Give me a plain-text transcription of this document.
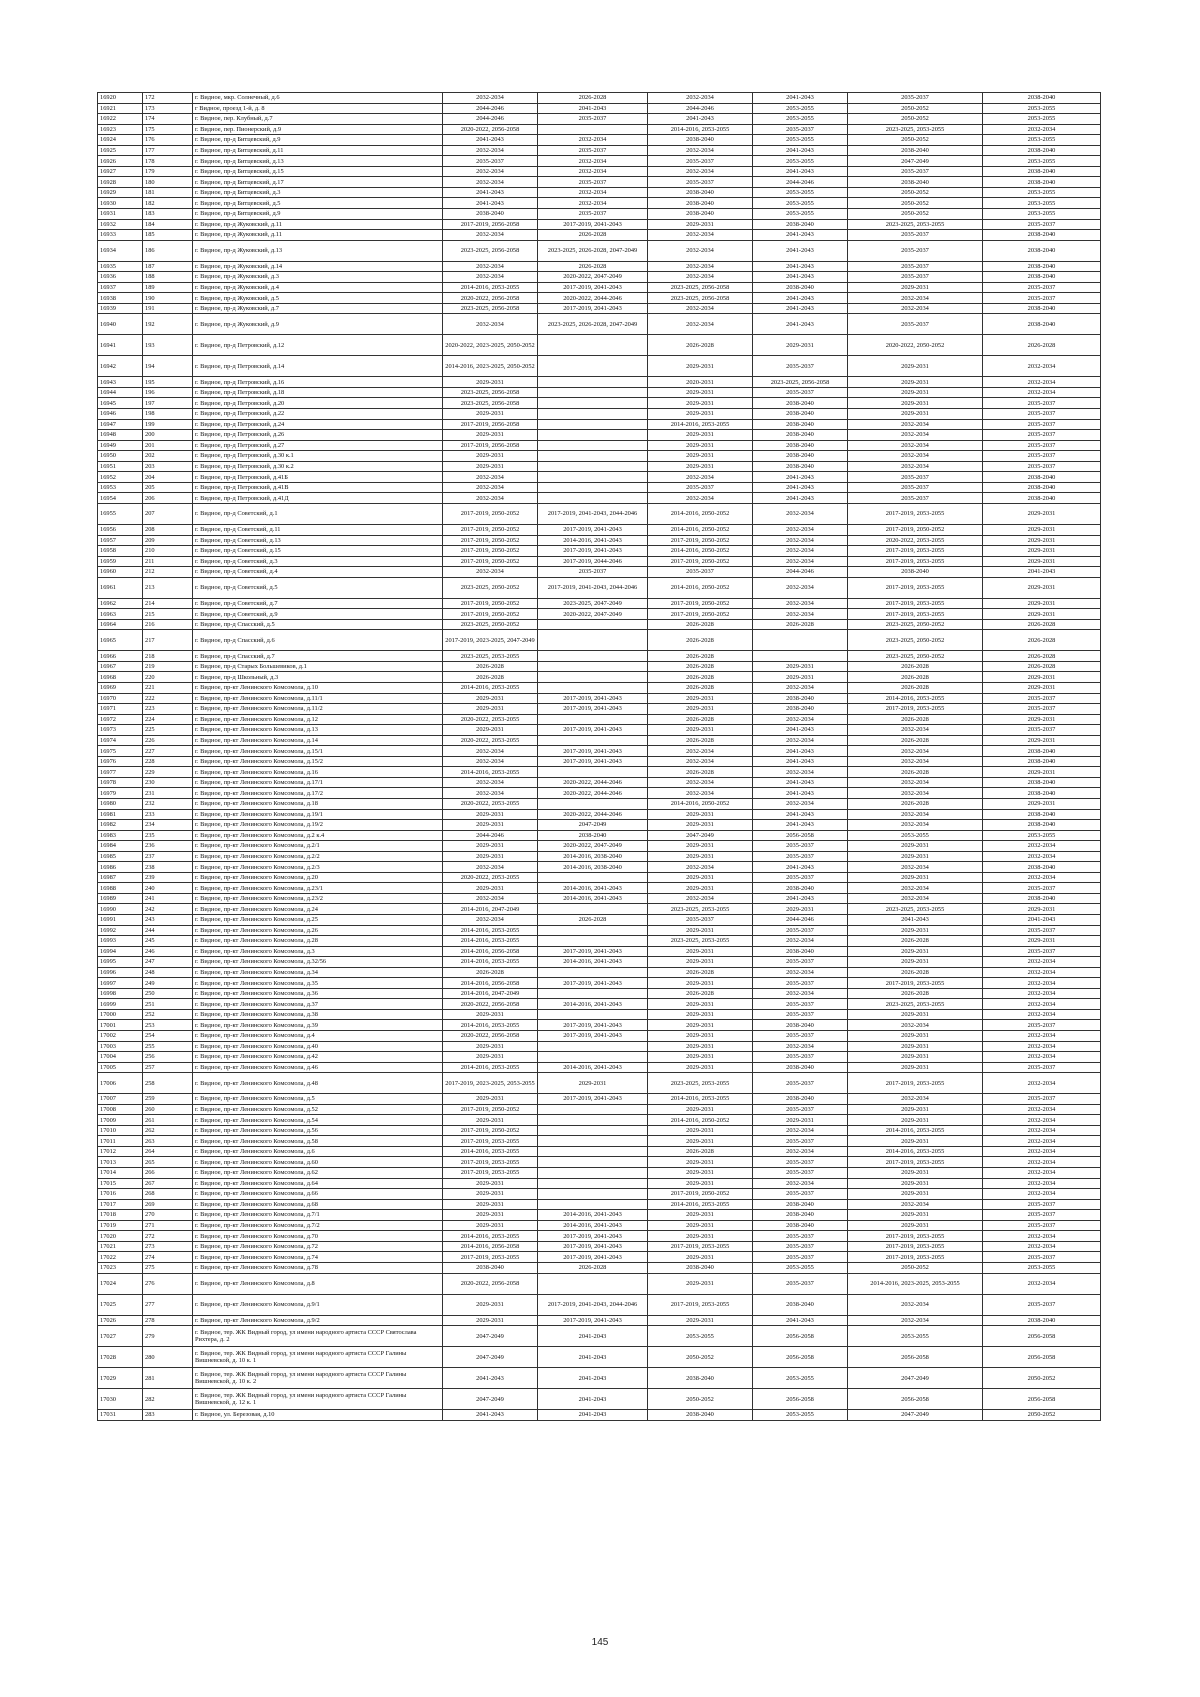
16920	172	г. Видное, мкр. Солнечный, д.6	2032-2034	2026-2028	2032-2034	2041-2043	2035-2037	2038-2040
16921	173	г Видное, проезд 1-й, д. 8	2044-2046	2041-2043	2044-2046	2053-2055	2050-2052	2053-2055
16922	174	г. Видное, пер. Клубный, д.7	2044-2046	2035-2037	2041-2043	2053-2055	2050-2052	2053-2055
16923	175	г. Видное, пер. Пионерский, д.9	2020-2022, 2056-2058		2014-2016, 2053-2055	2035-2037	2023-2025, 2053-2055	2032-2034
16924	176	г. Видное, пр-д Битцевский, д.9	2041-2043	2032-2034	2038-2040	2053-2055	2050-2052	2053-2055
16925	177	г. Видное, пр-д Битцевский, д.11	2032-2034	2035-2037	2032-2034	2041-2043	2038-2040	2038-2040
16926	178	г. Видное, пр-д Битцевский, д.13	2035-2037	2032-2034	2035-2037	2053-2055	2047-2049	2053-2055
16927	179	г. Видное, пр-д Битцевский, д.15	2032-2034	2032-2034	2032-2034	2041-2043	2035-2037	2038-2040
16928	180	г. Видное, пр-д Битцевский, д.17	2032-2034	2035-2037	2035-2037	2044-2046	2038-2040	2038-2040
16929	181	г. Видное, пр-д Битцевский, д.3	2041-2043	2032-2034	2038-2040	2053-2055	2050-2052	2053-2055
16930	182	г. Видное, пр-д Битцевский, д.5	2041-2043	2032-2034	2038-2040	2053-2055	2050-2052	2053-2055
16931	183	г. Видное, пр-д Битцевский, д.9	2038-2040	2035-2037	2038-2040	2053-2055	2050-2052	2053-2055
16932	184	г. Видное, пр-д Жуковский, д.11	2017-2019, 2056-2058	2017-2019, 2041-2043	2029-2031	2038-2040	2023-2025, 2053-2055	2035-2037
16933	185	г. Видное, пр-д Жуковский, д.11	2032-2034	2026-2028	2032-2034	2041-2043	2035-2037	2038-2040
16934	186	г. Видное, пр-д Жуковский, д.13	2023-2025, 2056-2058	2023-2025, 2026-2028, 2047-2049	2032-2034	2041-2043	2035-2037	2038-2040
16935	187	г. Видное, пр-д Жуковский, д.14	2032-2034	2026-2028	2032-2034	2041-2043	2035-2037	2038-2040
16936	188	г. Видное, пр-д Жуковский, д.3	2032-2034	2020-2022, 2047-2049	2032-2034	2041-2043	2035-2037	2038-2040
16937	189	г. Видное, пр-д Жуковский, д.4	2014-2016, 2053-2055	2017-2019, 2041-2043	2023-2025, 2056-2058	2038-2040	2029-2031	2035-2037
16938	190	г. Видное, пр-д Жуковский, д.5	2020-2022, 2056-2058	2020-2022, 2044-2046	2023-2025, 2056-2058	2041-2043	2032-2034	2035-2037
16939	191	г. Видное, пр-д Жуковский, д.7	2023-2025, 2056-2058	2017-2019, 2041-2043	2032-2034	2041-2043	2032-2034	2038-2040
16940	192	г. Видное, пр-д Жуковский, д.9	2032-2034	2023-2025, 2026-2028, 2047-2049	2032-2034	2041-2043	2035-2037	2038-2040
16941	193	г. Видное, пр-д Петровский, д.12	2020-2022, 2023-2025, 2050-2052		2026-2028	2029-2031	2020-2022, 2050-2052	2026-2028
16942	194	г. Видное, пр-д Петровский, д.14	2014-2016, 2023-2025, 2050-2052		2029-2031	2035-2037	2029-2031	2032-2034
16943	195	г. Видное, пр-д Петровский, д.16	2029-2031		2020-2031	2023-2025, 2056-2058	2029-2031	2032-2034
16944	196	г. Видное, пр-д Петровский, д.18	2023-2025, 2056-2058		2029-2031	2035-2037	2029-2031	2032-2034
16945	197	г. Видное, пр-д Петровский, д.20	2023-2025, 2056-2058		2029-2031	2038-2040	2029-2031	2035-2037
16946	198	г. Видное, пр-д Петровский, д.22	2029-2031		2029-2031	2038-2040	2029-2031	2035-2037
16947	199	г. Видное, пр-д Петровский, д.24	2017-2019, 2056-2058		2014-2016, 2053-2055	2038-2040	2032-2034	2035-2037
16948	200	г. Видное, пр-д Петровский, д.26	2029-2031		2029-2031	2038-2040	2032-2034	2035-2037
16949	201	г. Видное, пр-д Петровский, д.27	2017-2019, 2056-2058		2029-2031	2038-2040	2032-2034	2035-2037
16950	202	г. Видное, пр-д Петровский, д.30 к.1	2029-2031		2029-2031	2038-2040	2032-2034	2035-2037
16951	203	г. Видное, пр-д Петровский, д.30 к.2	2029-2031		2029-2031	2038-2040	2032-2034	2035-2037
16952	204	г. Видное, пр-д Петровский, д.41Б	2032-2034		2032-2034	2041-2043	2035-2037	2038-2040
16953	205	г. Видное, пр-д Петровский, д.41В	2032-2034		2035-2037	2041-2043	2035-2037	2038-2040
16954	206	г. Видное, пр-д Петровский, д.41Д	2032-2034		2032-2034	2041-2043	2035-2037	2038-2040
16955	207	г. Видное, пр-д Советский, д.1	2017-2019, 2050-2052	2017-2019, 2041-2043, 2044-2046	2014-2016, 2050-2052	2032-2034	2017-2019, 2053-2055	2029-2031
16956	208	г. Видное, пр-д Советский, д.11	2017-2019, 2050-2052	2017-2019, 2041-2043	2014-2016, 2050-2052	2032-2034	2017-2019, 2050-2052	2029-2031
16957	209	г. Видное, пр-д Советский, д.13	2017-2019, 2050-2052	2014-2016, 2041-2043	2017-2019, 2050-2052	2032-2034	2020-2022, 2053-2055	2029-2031
16958	210	г. Видное, пр-д Советский, д.15	2017-2019, 2050-2052	2017-2019, 2041-2043	2014-2016, 2050-2052	2032-2034	2017-2019, 2053-2055	2029-2031
16959	211	г. Видное, пр-д Советский, д.3	2017-2019, 2050-2052	2017-2019, 2044-2046	2017-2019, 2050-2052	2032-2034	2017-2019, 2053-2055	2029-2031
16960	212	г. Видное, пр-д Советский, д.4	2032-2034	2035-2037	2035-2037	2044-2046	2038-2040	2041-2043
16961	213	г. Видное, пр-д Советский, д.5	2023-2025, 2050-2052	2017-2019, 2041-2043, 2044-2046	2014-2016, 2050-2052	2032-2034	2017-2019, 2053-2055	2029-2031
16962	214	г. Видное, пр-д Советский, д.7	2017-2019, 2050-2052	2023-2025, 2047-2049	2017-2019, 2050-2052	2032-2034	2017-2019, 2053-2055	2029-2031
16963	215	г. Видное, пр-д Советский, д.9	2017-2019, 2050-2052	2020-2022, 2047-2049	2017-2019, 2050-2052	2032-2034	2017-2019, 2053-2055	2029-2031
16964	216	г. Видное, пр-д Спасский, д.5	2023-2025, 2050-2052		2026-2028	2026-2028	2023-2025, 2050-2052	2026-2028
16965	217	г. Видное, пр-д Спасский, д.6	2017-2019, 2023-2025, 2047-2049		2026-2028		2023-2025, 2050-2052	2026-2028
16966	218	г. Видное, пр-д Спасский, д.7	2023-2025, 2053-2055		2026-2028		2023-2025, 2050-2052	2026-2028
16967	219	г. Видное, пр-д Старых Большевиков, д.1	2026-2028		2026-2028	2029-2031	2026-2028	2026-2028
16968	220	г. Видное, пр-д Школьный, д.3	2026-2028		2026-2028	2029-2031	2026-2028	2029-2031
16969	221	г. Видное, пр-кт Ленинского Комсомола, д.10	2014-2016, 2053-2055		2026-2028	2032-2034	2026-2028	2029-2031
16970	222	г. Видное, пр-кт Ленинского Комсомола, д.11/1	2029-2031	2017-2019, 2041-2043	2029-2031	2038-2040	2014-2016, 2053-2055	2035-2037
16971	223	г. Видное, пр-кт Ленинского Комсомола, д.11/2	2029-2031	2017-2019, 2041-2043	2029-2031	2038-2040	2017-2019, 2053-2055	2035-2037
16972	224	г. Видное, пр-кт Ленинского Комсомола, д.12	2020-2022, 2053-2055		2026-2028	2032-2034	2026-2028	2029-2031
16973	225	г. Видное, пр-кт Ленинского Комсомола, д.13	2029-2031	2017-2019, 2041-2043	2029-2031	2041-2043	2032-2034	2035-2037
16974	226	г. Видное, пр-кт Ленинского Комсомола, д.14	2020-2022, 2053-2055		2026-2028	2032-2034	2026-2028	2029-2031
16975	227	г. Видное, пр-кт Ленинского Комсомола, д.15/1	2032-2034	2017-2019, 2041-2043	2032-2034	2041-2043	2032-2034	2038-2040
16976	228	г. Видное, пр-кт Ленинского Комсомола, д.15/2	2032-2034	2017-2019, 2041-2043	2032-2034	2041-2043	2032-2034	2038-2040
16977	229	г. Видное, пр-кт Ленинского Комсомола, д.16	2014-2016, 2053-2055		2026-2028	2032-2034	2026-2028	2029-2031
16978	230	г. Видное, пр-кт Ленинского Комсомола, д.17/1	2032-2034	2020-2022, 2044-2046	2032-2034	2041-2043	2032-2034	2038-2040
16979	231	г. Видное, пр-кт Ленинского Комсомола, д.17/2	2032-2034	2020-2022, 2044-2046	2032-2034	2041-2043	2032-2034	2038-2040
16980	232	г. Видное, пр-кт Ленинского Комсомола, д.18	2020-2022, 2053-2055		2014-2016, 2050-2052	2032-2034	2026-2028	2029-2031
16981	233	г. Видное, пр-кт Ленинского Комсомола, д.19/1	2029-2031	2020-2022, 2044-2046	2029-2031	2041-2043	2032-2034	2038-2040
16982	234	г. Видное, пр-кт Ленинского Комсомола, д.19/2	2029-2031	2047-2049	2029-2031	2041-2043	2032-2034	2038-2040
16983	235	г. Видное, пр-кт Ленинского Комсомола, д.2 к.4	2044-2046	2038-2040	2047-2049	2056-2058	2053-2055	2053-2055
16984	236	г. Видное, пр-кт Ленинского Комсомола, д.2/1	2029-2031	2020-2022, 2047-2049	2029-2031	2035-2037	2029-2031	2032-2034
16985	237	г. Видное, пр-кт Ленинского Комсомола, д.2/2	2029-2031	2014-2016, 2038-2040	2029-2031	2035-2037	2029-2031	2032-2034
16986	238	г. Видное, пр-кт Ленинского Комсомола, д.2/3	2032-2034	2014-2016, 2038-2040	2032-2034	2041-2043	2032-2034	2038-2040
16987	239	г. Видное, пр-кт Ленинского Комсомола, д.20	2020-2022, 2053-2055		2029-2031	2035-2037	2029-2031	2032-2034
16988	240	г. Видное, пр-кт Ленинского Комсомола, д.23/1	2029-2031	2014-2016, 2041-2043	2029-2031	2038-2040	2032-2034	2035-2037
16989	241	г. Видное, пр-кт Ленинского Комсомола, д.23/2	2032-2034	2014-2016, 2041-2043	2032-2034	2041-2043	2032-2034	2038-2040
16990	242	г. Видное, пр-кт Ленинского Комсомола, д.24	2014-2016, 2047-2049		2023-2025, 2053-2055	2029-2031	2023-2025, 2053-2055	2029-2031
16991	243	г. Видное, пр-кт Ленинского Комсомола, д.25	2032-2034	2026-2028	2035-2037	2044-2046	2041-2043	2041-2043
16992	244	г. Видное, пр-кт Ленинского Комсомола, д.26	2014-2016, 2053-2055		2029-2031	2035-2037	2029-2031	2035-2037
16993	245	г. Видное, пр-кт Ленинского Комсомола, д.28	2014-2016, 2053-2055		2023-2025, 2053-2055	2032-2034	2026-2028	2029-2031
16994	246	г. Видное, пр-кт Ленинского Комсомола, д.3	2014-2016, 2056-2058	2017-2019, 2041-2043	2029-2031	2038-2040	2029-2031	2035-2037
16995	247	г. Видное, пр-кт Ленинского Комсомола, д.32/56	2014-2016, 2053-2055	2014-2016, 2041-2043	2029-2031	2035-2037	2029-2031	2032-2034
16996	248	г. Видное, пр-кт Ленинского Комсомола, д.34	2026-2028		2026-2028	2032-2034	2026-2028	2032-2034
16997	249	г. Видное, пр-кт Ленинского Комсомола, д.35	2014-2016, 2056-2058	2017-2019, 2041-2043	2029-2031	2035-2037	2017-2019, 2053-2055	2032-2034
16998	250	г. Видное, пр-кт Ленинского Комсомола, д.36	2014-2016, 2047-2049		2026-2028	2032-2034	2026-2028	2032-2034
16999	251	г. Видное, пр-кт Ленинского Комсомола, д.37	2020-2022, 2056-2058	2014-2016, 2041-2043	2029-2031	2035-2037	2023-2025, 2053-2055	2032-2034
17000	252	г. Видное, пр-кт Ленинского Комсомола, д.38	2029-2031		2029-2031	2035-2037	2029-2031	2032-2034
17001	253	г. Видное, пр-кт Ленинского Комсомола, д.39	2014-2016, 2053-2055	2017-2019, 2041-2043	2029-2031	2038-2040	2032-2034	2035-2037
17002	254	г. Видное, пр-кт Ленинского Комсомола, д.4	2020-2022, 2056-2058	2017-2019, 2041-2043	2029-2031	2035-2037	2029-2031	2032-2034
17003	255	г. Видное, пр-кт Ленинского Комсомола, д.40	2029-2031		2029-2031	2032-2034	2029-2031	2032-2034
17004	256	г. Видное, пр-кт Ленинского Комсомола, д.42	2029-2031		2029-2031	2035-2037	2029-2031	2032-2034
17005	257	г. Видное, пр-кт Ленинского Комсомола, д.46	2014-2016, 2053-2055	2014-2016, 2041-2043	2029-2031	2038-2040	2029-2031	2035-2037
17006	258	г. Видное, пр-кт Ленинского Комсомола, д.48	2017-2019, 2023-2025, 2053-2055	2029-2031	2023-2025, 2053-2055	2035-2037	2017-2019, 2053-2055	2032-2034
17007	259	г. Видное, пр-кт Ленинского Комсомола, д.5	2029-2031	2017-2019, 2041-2043	2014-2016, 2053-2055	2038-2040	2032-2034	2035-2037
17008	260	г. Видное, пр-кт Ленинского Комсомола, д.52	2017-2019, 2050-2052		2029-2031	2035-2037	2029-2031	2032-2034
17009	261	г. Видное, пр-кт Ленинского Комсомола, д.54	2029-2031		2014-2016, 2050-2052	2029-2031	2029-2031	2032-2034
17010	262	г. Видное, пр-кт Ленинского Комсомола, д.56	2017-2019, 2050-2052		2029-2031	2032-2034	2014-2016, 2053-2055	2032-2034
17011	263	г. Видное, пр-кт Ленинского Комсомола, д.58	2017-2019, 2053-2055		2029-2031	2035-2037	2029-2031	2032-2034
17012	264	г. Видное, пр-кт Ленинского Комсомола, д.6	2014-2016, 2053-2055		2026-2028	2032-2034	2014-2016, 2053-2055	2032-2034
17013	265	г. Видное, пр-кт Ленинского Комсомола, д.60	2017-2019, 2053-2055		2029-2031	2035-2037	2017-2019, 2053-2055	2032-2034
17014	266	г. Видное, пр-кт Ленинского Комсомола, д.62	2017-2019, 2053-2055		2029-2031	2035-2037	2029-2031	2032-2034
17015	267	г. Видное, пр-кт Ленинского Комсомола, д.64	2029-2031		2029-2031	2032-2034	2029-2031	2032-2034
17016	268	г. Видное, пр-кт Ленинского Комсомола, д.66	2029-2031		2017-2019, 2050-2052	2035-2037	2029-2031	2032-2034
17017	269	г. Видное, пр-кт Ленинского Комсомола, д.68	2029-2031		2014-2016, 2053-2055	2038-2040	2032-2034	2035-2037
17018	270	г. Видное, пр-кт Ленинского Комсомола, д.7/1	2029-2031	2014-2016, 2041-2043	2029-2031	2038-2040	2029-2031	2035-2037
17019	271	г. Видное, пр-кт Ленинского Комсомола, д.7/2	2029-2031	2014-2016, 2041-2043	2029-2031	2038-2040	2029-2031	2035-2037
17020	272	г. Видное, пр-кт Ленинского Комсомола, д.70	2014-2016, 2053-2055	2017-2019, 2041-2043	2029-2031	2035-2037	2017-2019, 2053-2055	2032-2034
17021	273	г. Видное, пр-кт Ленинского Комсомола, д.72	2014-2016, 2056-2058	2017-2019, 2041-2043	2017-2019, 2053-2055	2035-2037	2017-2019, 2053-2055	2032-2034
17022	274	г. Видное, пр-кт Ленинского Комсомола, д.74	2017-2019, 2053-2055	2017-2019, 2041-2043	2029-2031	2035-2037	2017-2019, 2053-2055	2035-2037
17023	275	г. Видное, пр-кт Ленинского Комсомола, д.78	2038-2040	2026-2028	2038-2040	2053-2055	2050-2052	2053-2055
17024	276	г. Видное, пр-кт Ленинского Комсомола, д.8	2020-2022, 2056-2058		2029-2031	2035-2037	2014-2016, 2023-2025, 2053-2055	2032-2034
17025	277	г. Видное, пр-кт Ленинского Комсомола, д.9/1	2029-2031	2017-2019, 2041-2043, 2044-2046	2017-2019, 2053-2055	2038-2040	2032-2034	2035-2037
17026	278	г. Видное, пр-кт Ленинского Комсомола, д.9/2	2029-2031	2017-2019, 2041-2043	2029-2031	2041-2043	2032-2034	2038-2040
17027	279	г. Видное, тер. ЖК Видный город, ул имени народного артиста СССР Святослава Рихтера, д. 2	2047-2049	2041-2043	2053-2055	2056-2058	2053-2055	2056-2058
17028	280	г. Видное, тер. ЖК Видный город, ул имени народного артиста СССР Галины Вишневской, д. 10 к. 1	2047-2049	2041-2043	2050-2052	2056-2058	2056-2058	2056-2058
17029	281	г. Видное, тер. ЖК Видный город, ул имени народного артиста СССР Галины Вишневской, д. 10 к. 2	2041-2043	2041-2043	2038-2040	2053-2055	2047-2049	2050-2052
17030	282	г. Видное, тер. ЖК Видный город, ул имени народного артиста СССР Галины Вишневской, д. 12 к. 1	2047-2049	2041-2043	2050-2052	2056-2058	2056-2058	2056-2058
17031	283	г. Видное, ул. Березовая, д.10	2041-2043	2041-2043	2038-2040	2053-2055	2047-2049	2050-2052
145
